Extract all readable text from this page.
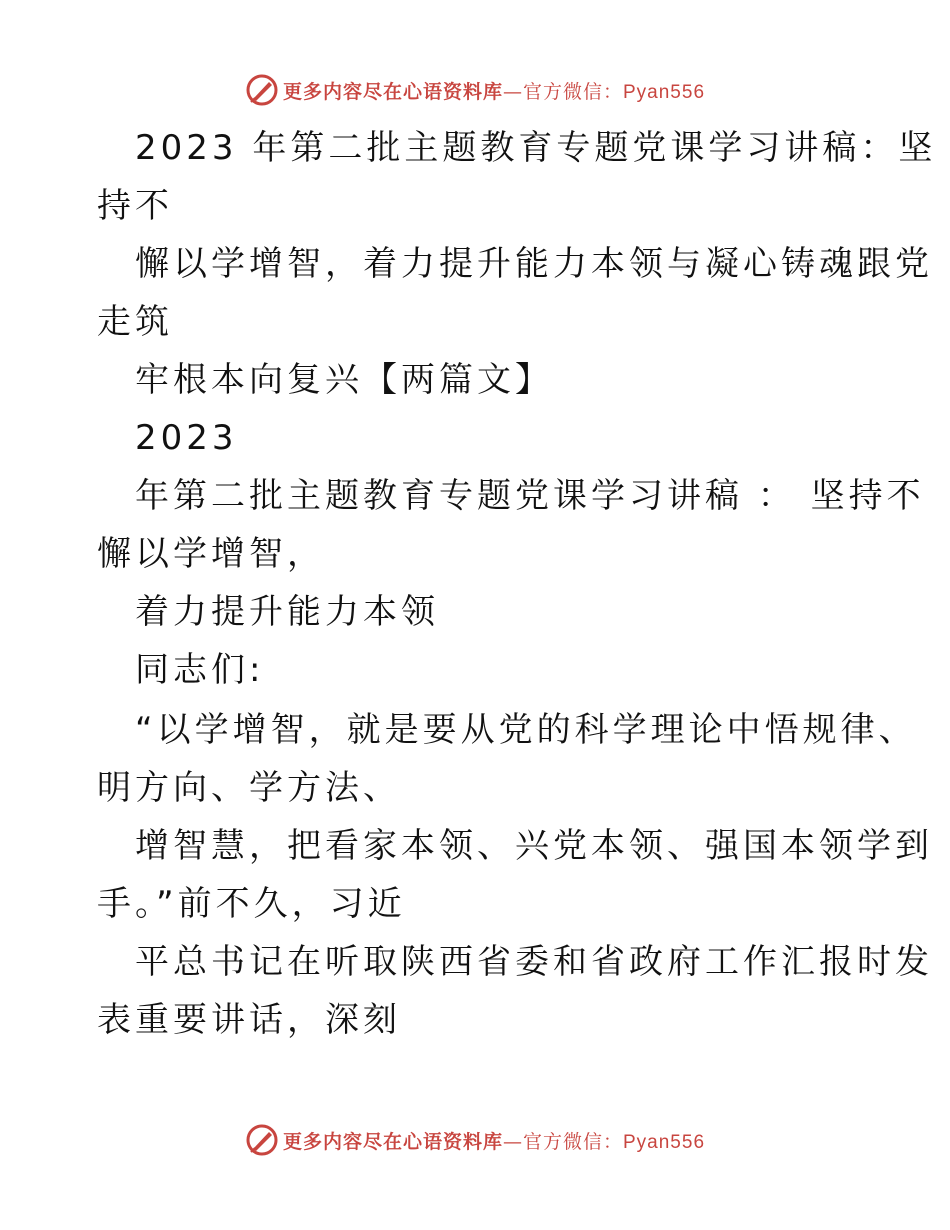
更多内容尽在心语资料库—官方微信：Pyan556
2023 年第二批主题教育专题党课学习讲稿：坚
持不
懈以学增智，着力提升能力本领与凝心铸魂跟党
走筑
牢根本向复兴【两篇文】
2023
年第二批主题教育专题党课学习讲稿 ： 坚持不
懈以学增智，
着力提升能力本领
同志们:
“以学增智，就是要从党的科学理论中悟规律、
明方向、学方法、
增智慧，把看家本领、兴党本领、强国本领学到
手。”前不久，习近
平总书记在听取陕西省委和省政府工作汇报时发
表重要讲话，深刻
更多内容尽在心语资料库—官方微信：Pyan556
